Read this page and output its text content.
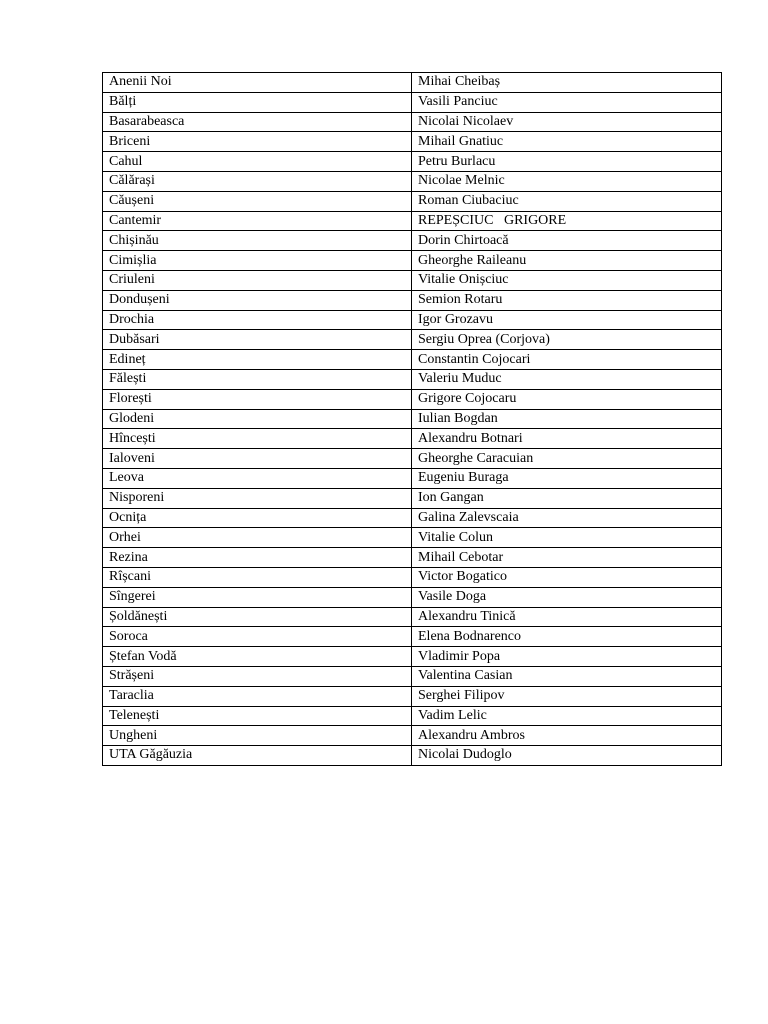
Anenii Noi	Mihai Cheibaș
Bălți	Vasili Panciuc
Basarabeasca	Nicolai Nicolaev
Briceni	Mihail Gnatiuc
Cahul	Petru Burlacu
Călărași	Nicolae Melnic
Căușeni	Roman Ciubaciuc
Cantemir	REPEȘCIUC   GRIGORE
Chișinău	Dorin Chirtoacă
Cimișlia	Gheorghe Raileanu
Criuleni	Vitalie Onișciuc
Dondușeni	Semion Rotaru
Drochia	Igor Grozavu
Dubăsari	Sergiu Oprea (Corjova)
Edineț	Constantin Cojocari
Fălești	Valeriu Muduc
Florești	Grigore Cojocaru
Glodeni	Iulian Bogdan
Hîncești	Alexandru Botnari
Ialoveni	Gheorghe Caracuian
Leova	Eugeniu Buraga
Nisporeni	Ion Gangan
Ocnița	Galina Zalevscaia
Orhei	Vitalie Colun
Rezina	Mihail Cebotar
Rîșcani	Victor Bogatico
Sîngerei	Vasile Doga
Șoldănești	Alexandru Tinică
Soroca	Elena Bodnarenco
Ștefan Vodă	Vladimir Popa
Strășeni	Valentina Casian
Taraclia	Serghei Filipov
Telenești	Vadim Lelic
Ungheni	Alexandru Ambros
UTA Găgăuzia	Nicolai Dudoglo
